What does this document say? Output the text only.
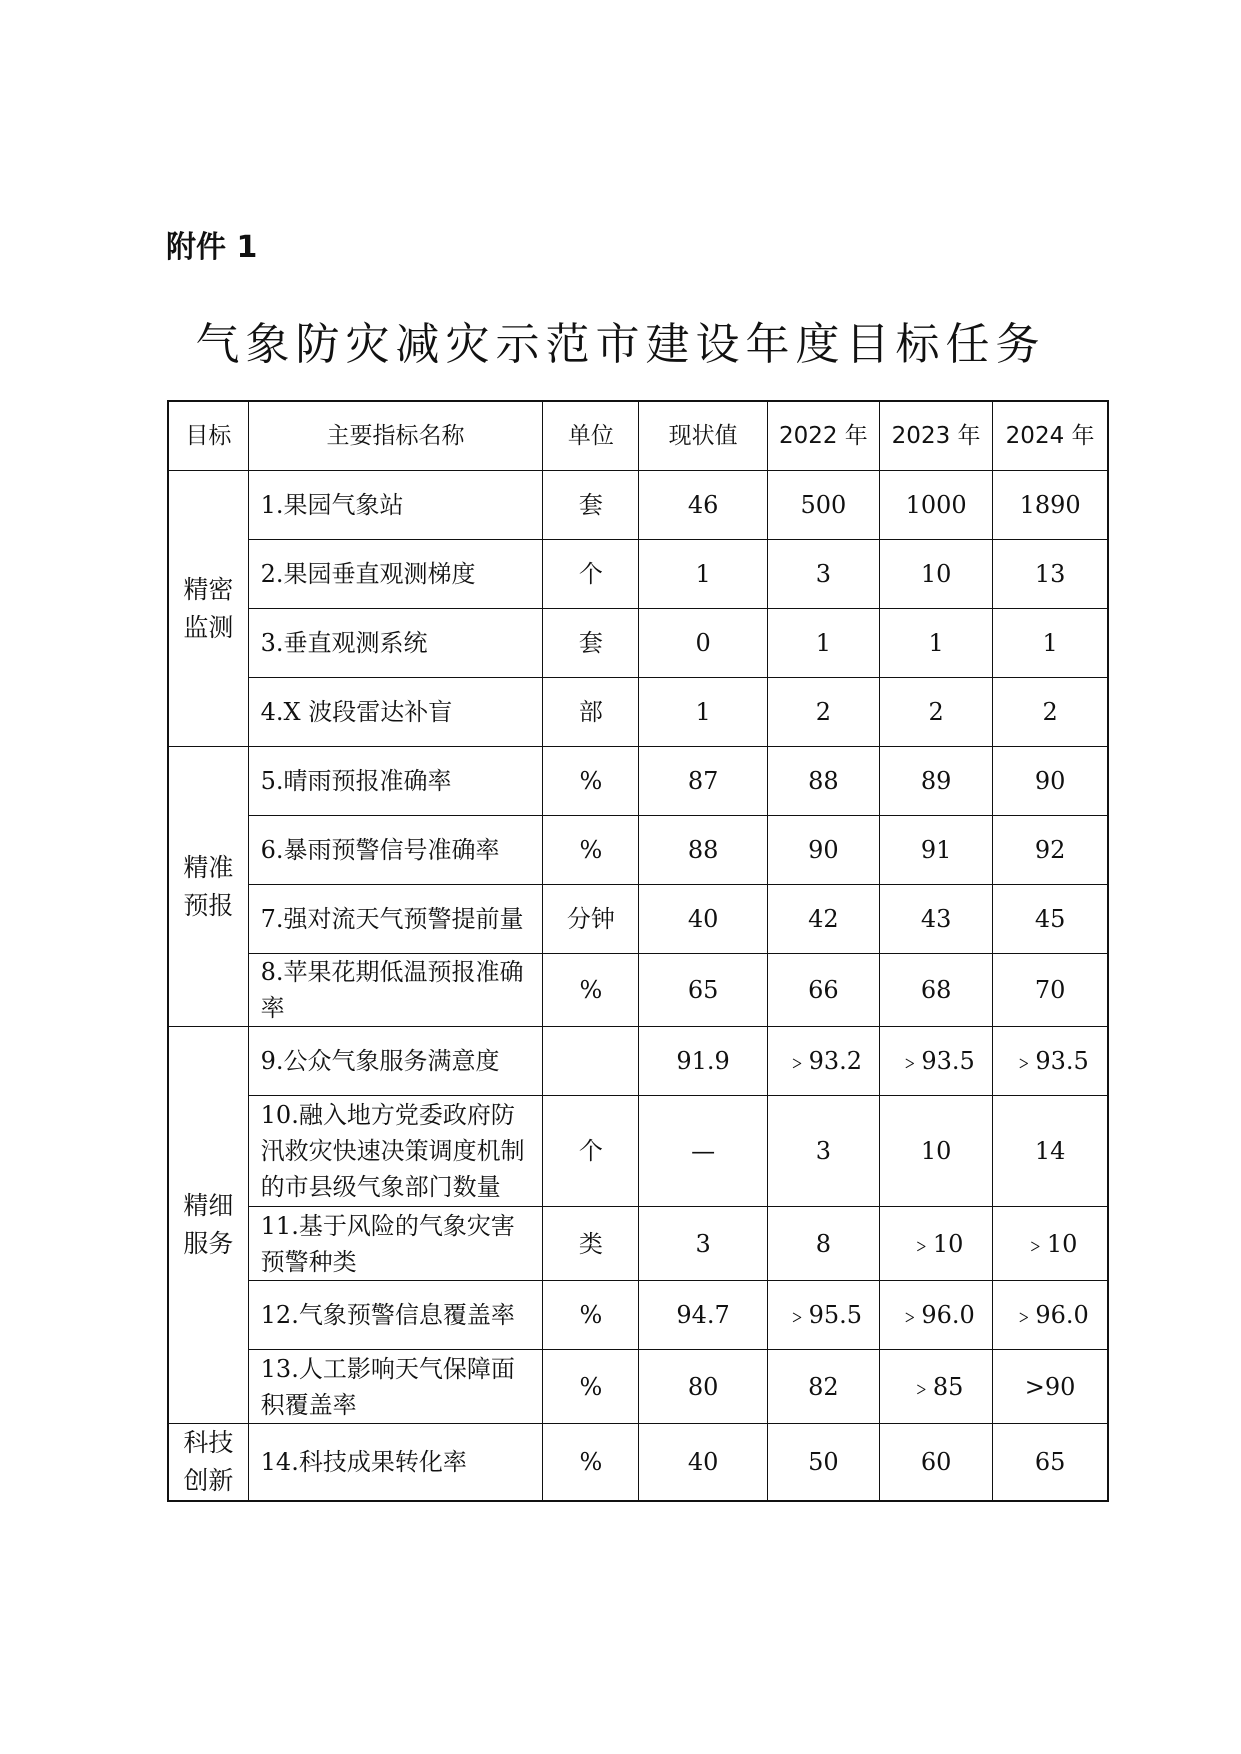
附件 1
气象防灾减灾示范市建设年度目标任务
目标	主要指标名称	单位	现状值	2022 年	2023 年	2024 年
精密
监测	1.果园气象站	套	46	500	1000	1890
	2.果园垂直观测梯度	个	1	3	10	13
	3.垂直观测系统	套	0	1	1	1
	4.X 波段雷达补盲	部	1	2	2	2
精准
预报	5.晴雨预报准确率	%	87	88	89	90
	6.暴雨预警信号准确率	%	88	90	91	92
	7.强对流天气预警提前量	分钟	40	42	43	45
	8.苹果花期低温预报准确率	%	65	66	68	70
精细
服务	9.公众气象服务满意度		91.9	﹥93.2	﹥93.5	﹥93.5
	10.融入地方党委政府防汛救灾快速决策调度机制的市县级气象部门数量	个	—	3	10	14
	11.基于风险的气象灾害预警种类	类	3	8	﹥10	﹥10
	12.气象预警信息覆盖率	%	94.7	﹥95.5	﹥96.0	﹥96.0
	13.人工影响天气保障面积覆盖率	%	80	82	﹥85	>90
科技
创新	14.科技成果转化率	%	40	50	60	65
